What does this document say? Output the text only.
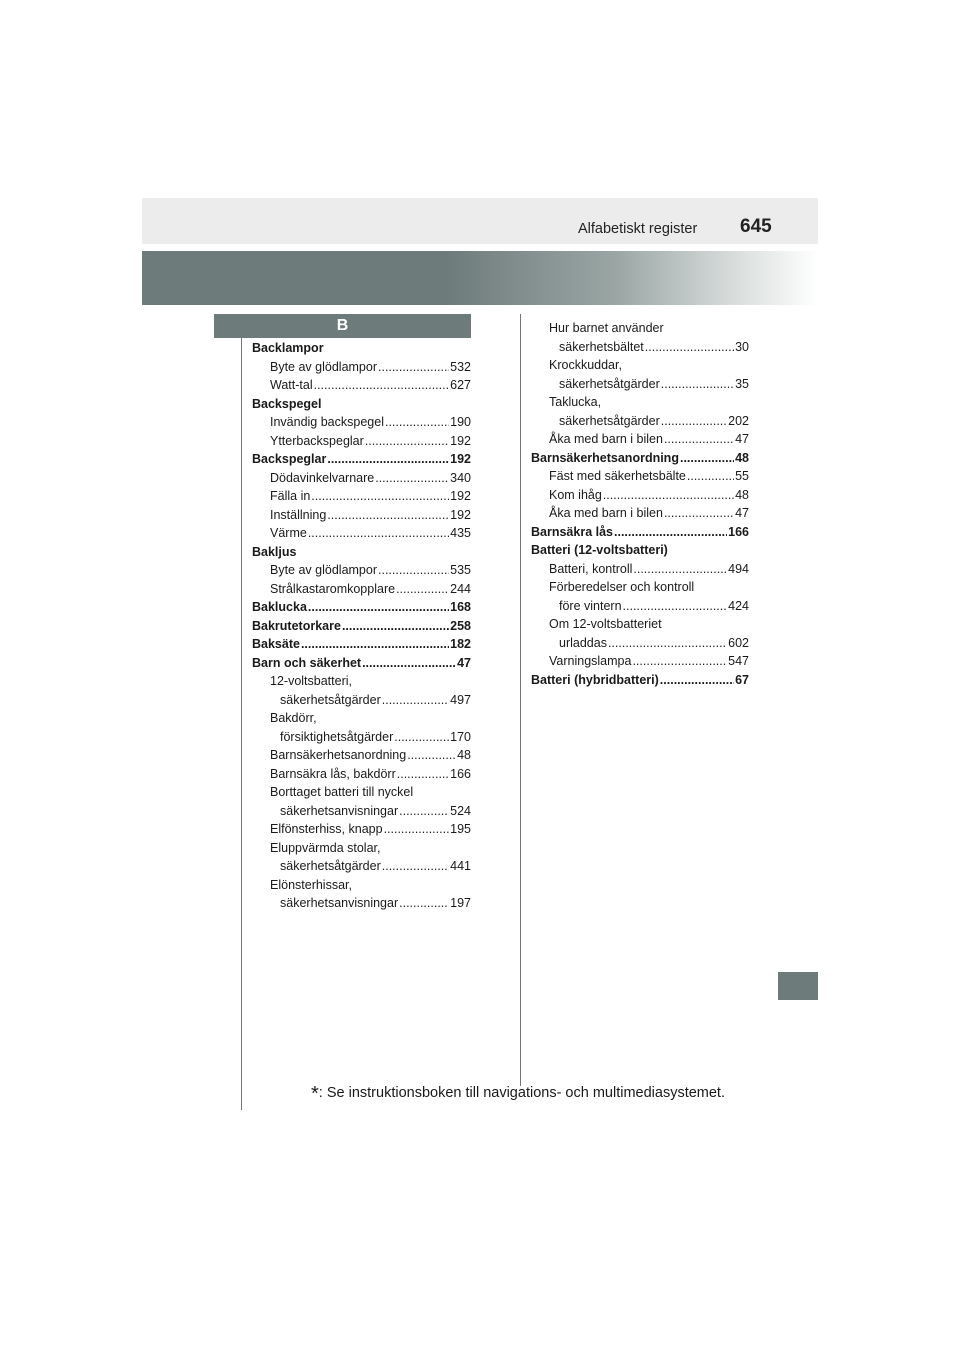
Alfabetiskt register 645
B
Backlampor
Byte av glödlampor .....	532
Watt-tal .....	627
Backspegel
Invändig backspegel .....	190
Ytterbackspeglar .....	192
Backspeglar .....	192
Dödavinkelvarnare .....	340
Fälla in .....	192
Inställning .....	192
Värme .....	435
Bakljus
Byte av glödlampor .....	535
Strålkastaromkopplare .....	244
Baklucka .....	168
Bakrutetorkare .....	258
Baksäte .....	182
Barn och säkerhet .....	47
12-voltsbatteri,
säkerhetsåtgärder .....	497
Bakdörr,
försiktighetsåtgärder .....	170
Barnsäkerhetsanordning .....	48
Barnsäkra lås, bakdörr .....	166
Borttaget batteri till nyckel
säkerhetsanvisningar .....	524
Elfönsterhiss, knapp .....	195
Eluppvärmda stolar,
säkerhetsåtgärder .....	441
Elönsterhissar,
säkerhetsanvisningar .....	197
Hur barnet använder
säkerhetsbältet .....	30
Krockkuddar,
säkerhetsåtgärder .....	35
Taklucka,
säkerhetsåtgärder .....	202
Åka med barn i bilen .....	47
Barnsäkerhetsanordning .....	48
Fäst med säkerhetsbälte .....	55
Kom ihåg .....	48
Åka med barn i bilen .....	47
Barnsäkra lås .....	166
Batteri (12-voltsbatteri)
Batteri, kontroll .....	494
Förberedelser och kontroll
före vintern .....	424
Om 12-voltsbatteriet
urladdas .....	602
Varningslampa .....	547
Batteri (hybridbatteri) .....	67
*: Se instruktionsboken till navigations- och multimediasystemet.
